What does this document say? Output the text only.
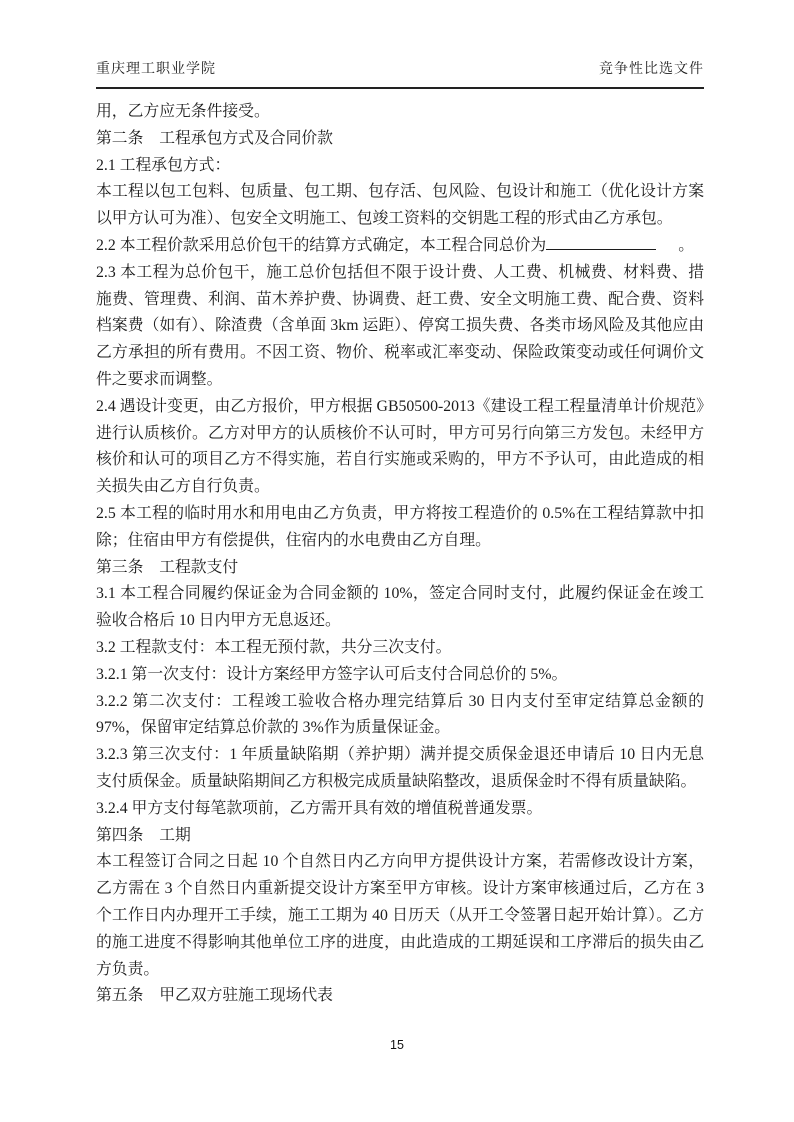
重庆理工职业学院	竞争性比选文件

用，乙方应无条件接受。

第二条　工程承包方式及合同价款

2.1 工程承包方式：

本工程以包工包料、包质量、包工期、包存活、包风险、包设计和施工（优化设计方案以甲方认可为准）、包安全文明施工、包竣工资料的交钥匙工程的形式由乙方承包。

2.2 本工程价款采用总价包干的结算方式确定，本工程合同总价为	。

2.3 本工程为总价包干，施工总价包括但不限于设计费、人工费、机械费、材料费、措施费、管理费、利润、苗木养护费、协调费、赶工费、安全文明施工费、配合费、资料档案费（如有）、除渣费（含单面 3km 运距）、停窝工损失费、各类市场风险及其他应由乙方承担的所有费用。不因工资、物价、税率或汇率变动、保险政策变动或任何调价文件之要求而调整。

2.4 遇设计变更，由乙方报价，甲方根据 GB50500-2013《建设工程工程量清单计价规范》进行认质核价。乙方对甲方的认质核价不认可时，甲方可另行向第三方发包。未经甲方核价和认可的项目乙方不得实施，若自行实施或采购的，甲方不予认可，由此造成的相关损失由乙方自行负责。

2.5 本工程的临时用水和用电由乙方负责，甲方将按工程造价的 0.5%在工程结算款中扣除；住宿由甲方有偿提供，住宿内的水电费由乙方自理。

第三条　工程款支付

3.1 本工程合同履约保证金为合同金额的 10%，签定合同时支付，此履约保证金在竣工验收合格后 10 日内甲方无息返还。

3.2 工程款支付：本工程无预付款，共分三次支付。

3.2.1 第一次支付：设计方案经甲方签字认可后支付合同总价的 5%。

3.2.2 第二次支付：工程竣工验收合格办理完结算后 30 日内支付至审定结算总金额的 97%，保留审定结算总价款的 3%作为质量保证金。

3.2.3 第三次支付：1 年质量缺陷期（养护期）满并提交质保金退还申请后 10 日内无息支付质保金。质量缺陷期间乙方积极完成质量缺陷整改，退质保金时不得有质量缺陷。

3.2.4 甲方支付每笔款项前，乙方需开具有效的增值税普通发票。

第四条　工期

本工程签订合同之日起 10 个自然日内乙方向甲方提供设计方案，若需修改设计方案，乙方需在 3 个自然日内重新提交设计方案至甲方审核。设计方案审核通过后，乙方在 3 个工作日内办理开工手续，施工工期为 40 日历天（从开工令签署日起开始计算）。乙方的施工进度不得影响其他单位工序的进度，由此造成的工期延误和工序滞后的损失由乙方负责。

第五条　甲乙双方驻施工现场代表

15
